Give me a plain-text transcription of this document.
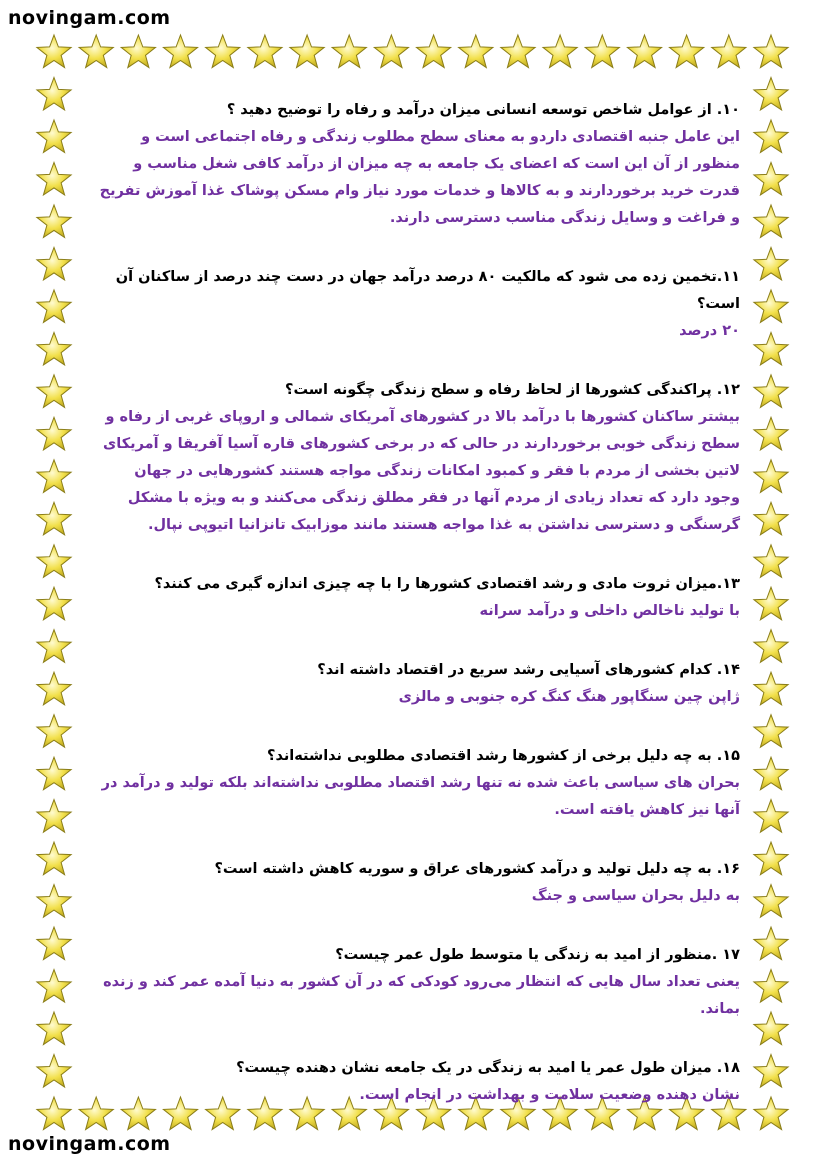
novingam.com
novingam.com
۱۰. از عوامل شاخص توسعه انسانی میزان درآمد و رفاه را توضیح دهید ؟
این عامل جنبه اقتصادی داردو به معنای سطح مطلوب زندگی و رفاه اجتماعی است و منظور از آن این است که اعضای یک جامعه به چه میزان از درآمد کافی شغل مناسب و قدرت خرید برخوردارند و به کالاها و خدمات مورد نیاز وام مسکن پوشاک غذا آموزش تفریح و فراغت و وسایل زندگی مناسب دسترسی دارند.
۱۱.تخمین زده می شود که مالکیت ۸۰ درصد درآمد جهان در دست چند درصد از ساکنان آن است؟
۲۰ درصد
۱۲. پراکندگی کشورها از لحاظ رفاه و سطح زندگی چگونه است؟
بیشتر ساکنان کشورها با درآمد بالا در کشورهای آمریکای شمالی و اروپای غربی از رفاه و سطح زندگی خوبی برخوردارند در حالی که در برخی کشورهای قاره آسیا آفریقا و آمریکای لاتین بخشی از مردم با فقر و کمبود امکانات زندگی مواجه هستند کشورهایی در جهان وجود دارد که تعداد زیادی از مردم آنها در فقر مطلق زندگی می‌کنند و به ویژه با مشکل گرسنگی و دسترسی نداشتن به غذا مواجه هستند مانند موزابیک تانزانیا اتیوپی نپال.
۱۳.میزان ثروت مادی و رشد اقتصادی کشورها را با چه چیزی اندازه گیری می کنند؟
با تولید ناخالص داخلی و درآمد سرانه
۱۴. کدام کشورهای آسیایی رشد سریع در اقتصاد داشته اند؟
ژاپن چین سنگاپور هنگ کنگ کره جنوبی و مالزی
۱۵. به چه دلیل برخی از کشورها رشد اقتصادی مطلوبی نداشته‌اند؟
بحران های سیاسی باعث شده نه تنها رشد اقتصاد مطلوبی نداشته‌اند بلکه تولید و درآمد در آنها نیز کاهش یافته است.
۱۶. به چه دلیل تولید و درآمد کشورهای عراق و سوریه کاهش داشته است؟
به دلیل بحران سیاسی و جنگ
۱۷ .منظور از امید به زندگی یا متوسط طول عمر چیست؟
یعنی تعداد سال هایی که انتظار می‌رود کودکی که در آن کشور به دنیا آمده عمر کند و زنده بماند.
۱۸. میزان طول عمر یا امید به زندگی در یک جامعه نشان دهنده چیست؟
نشان دهنده وضعیت سلامت و بهداشت در انجام است.
